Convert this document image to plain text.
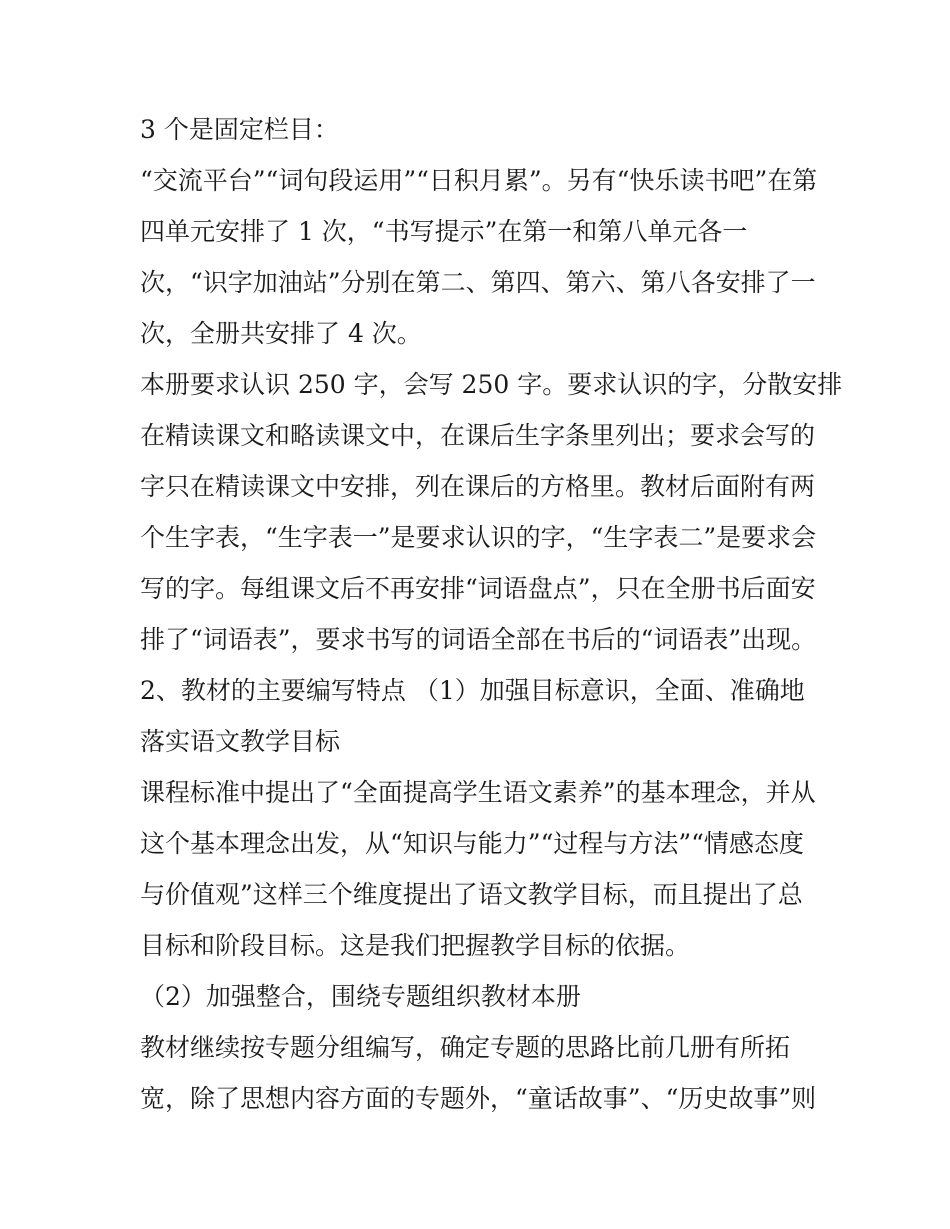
3 个是固定栏目：
“交流平台”“词句段运用”“日积月累”。另有“快乐读书吧”在第
四单元安排了 1 次，“书写提示”在第一和第八单元各一
次，“识字加油站”分别在第二、第四、第六、第八各安排了一
次，全册共安排了 4 次。
本册要求认识 250 字，会写 250 字。要求认识的字，分散安排
在精读课文和略读课文中，在课后生字条里列出；要求会写的
字只在精读课文中安排，列在课后的方格里。教材后面附有两
个生字表，“生字表一”是要求认识的字，“生字表二”是要求会
写的字。每组课文后不再安排“词语盘点”，只在全册书后面安
排了“词语表”，要求书写的词语全部在书后的“词语表”出现。
2、教材的主要编写特点 （1）加强目标意识，全面、准确地
落实语文教学目标
课程标准中提出了“全面提高学生语文素养”的基本理念，并从
这个基本理念出发，从“知识与能力”“过程与方法”“情感态度
与价值观”这样三个维度提出了语文教学目标，而且提出了总
目标和阶段目标。这是我们把握教学目标的依据。
（2）加强整合，围绕专题组织教材本册
教材继续按专题分组编写，确定专题的思路比前几册有所拓
宽，除了思想内容方面的专题外，“童话故事”、“历史故事”则
